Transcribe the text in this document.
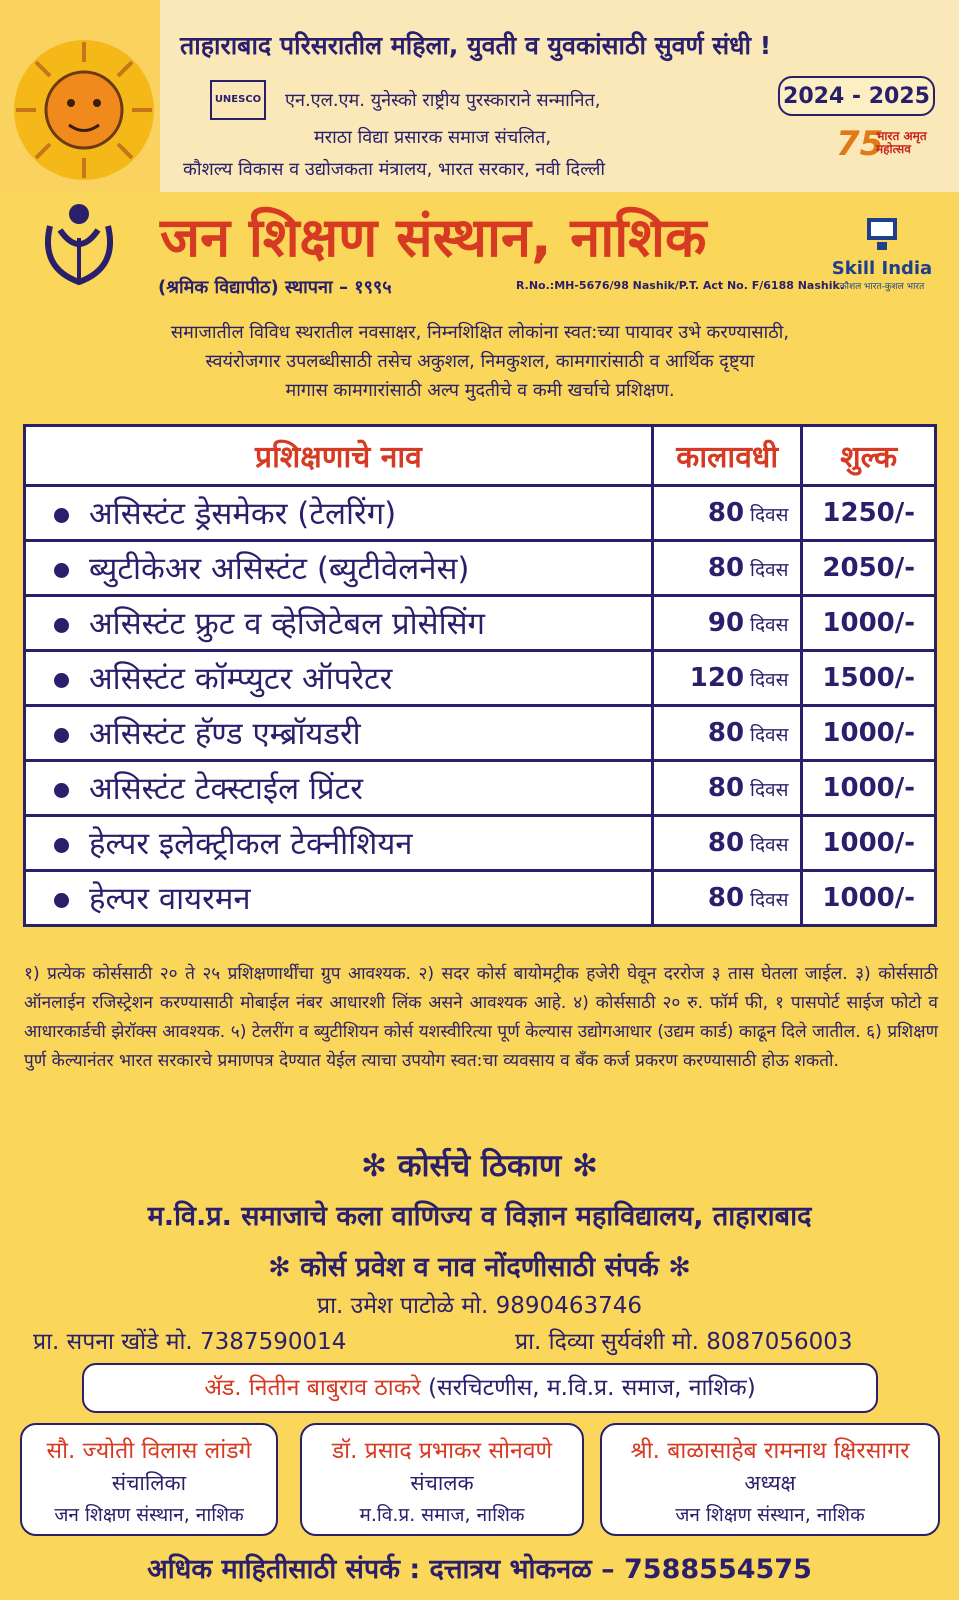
ताहाराबाद परिसरातील महिला, युवती व युवकांसाठी सुवर्ण संधी !
UNESCO एन.एल.एम. युनेस्को राष्ट्रीय पुरस्काराने सन्मानित,
मराठा विद्या प्रसारक समाज संचलित,
कौशल्य विकास व उद्योजकता मंत्रालय, भारत सरकार, नवी दिल्ली
2024 - 2025
75
भारत अमृत महोत्सव
जन शिक्षण संस्थान, नाशिक
(श्रमिक विद्यापीठ) स्थापना – १९९५	R.No.:MH-5676/98 Nashik/P.T. Act No. F/6188 Nashik.
Skill India
कौशल भारत-कुशल भारत
समाजातील विविध स्थरातील नवसाक्षर, निम्नशिक्षित लोकांना स्वत:च्या पायावर उभे करण्यासाठी,
स्वयंरोजगार उपलब्धीसाठी तसेच अकुशल, निमकुशल, कामगारांसाठी व आर्थिक दृष्ट्या
मागास कामगारांसाठी अल्प मुदतीचे व कमी खर्चाचे प्रशिक्षण.
प्रशिक्षणाचे नाव	कालावधी	शुल्क
असिस्टंट ड्रेसमेकर (टेलरिंग)	80 दिवस	1250/-
ब्युटीकेअर असिस्टंट (ब्युटीवेलनेस)	80 दिवस	2050/-
असिस्टंट फ्रुट व व्हेजिटेबल प्रोसेसिंग	90 दिवस	1000/-
असिस्टंट कॉम्प्युटर ऑपरेटर	120 दिवस	1500/-
असिस्टंट हॅण्ड एम्ब्रॉयडरी	80 दिवस	1000/-
असिस्टंट टेक्स्टाईल प्रिंटर	80 दिवस	1000/-
हेल्पर इलेक्ट्रीकल टेक्नीशियन	80 दिवस	1000/-
हेल्पर वायरमन	80 दिवस	1000/-
१) प्रत्येक कोर्ससाठी २० ते २५ प्रशिक्षणार्थींचा ग्रुप आवश्यक. २) सदर कोर्स बायोमट्रीक हजेरी घेवून दररोज ३ तास घेतला जाईल. ३) कोर्ससाठी ऑनलाईन रजिस्ट्रेशन करण्यासाठी मोबाईल नंबर आधारशी लिंक असने आवश्यक आहे. ४) कोर्ससाठी २० रु. फॉर्म फी, १ पासपोर्ट साईज फोटो व आधारकार्डची झेरॉक्स आवश्यक. ५) टेलरींग व ब्युटीशियन कोर्स यशस्वीरित्या पूर्ण केल्यास उद्योगआधार (उद्यम कार्ड) काढून दिले जातील. ६) प्रशिक्षण पुर्ण केल्यानंतर भारत सरकारचे प्रमाणपत्र देण्यात येईल त्याचा उपयोग स्वत:चा व्यवसाय व बँक कर्ज प्रकरण करण्यासाठी होऊ शकतो.
✻ कोर्सचे ठिकाण ✻
म.वि.प्र. समाजाचे कला वाणिज्य व विज्ञान महाविद्यालय, ताहाराबाद
✻ कोर्स प्रवेश व नाव नोंदणीसाठी संपर्क ✻
प्रा. उमेश पाटोळे मो. 9890463746
प्रा. सपना खोंडे मो. 7387590014	प्रा. दिव्या सुर्यवंशी मो. 8087056003
ॲड. नितीन बाबुराव ठाकरे (सरचिटणीस, म.वि.प्र. समाज, नाशिक)
सौ. ज्योती विलास लांडगे
संचालिका
जन शिक्षण संस्थान, नाशिक
डॉ. प्रसाद प्रभाकर सोनवणे
संचालक
म.वि.प्र. समाज, नाशिक
श्री. बाळासाहेब रामनाथ क्षिरसागर
अध्यक्ष
जन शिक्षण संस्थान, नाशिक
अधिक माहितीसाठी संपर्क : दत्तात्रय भोकनळ – 7588554575
